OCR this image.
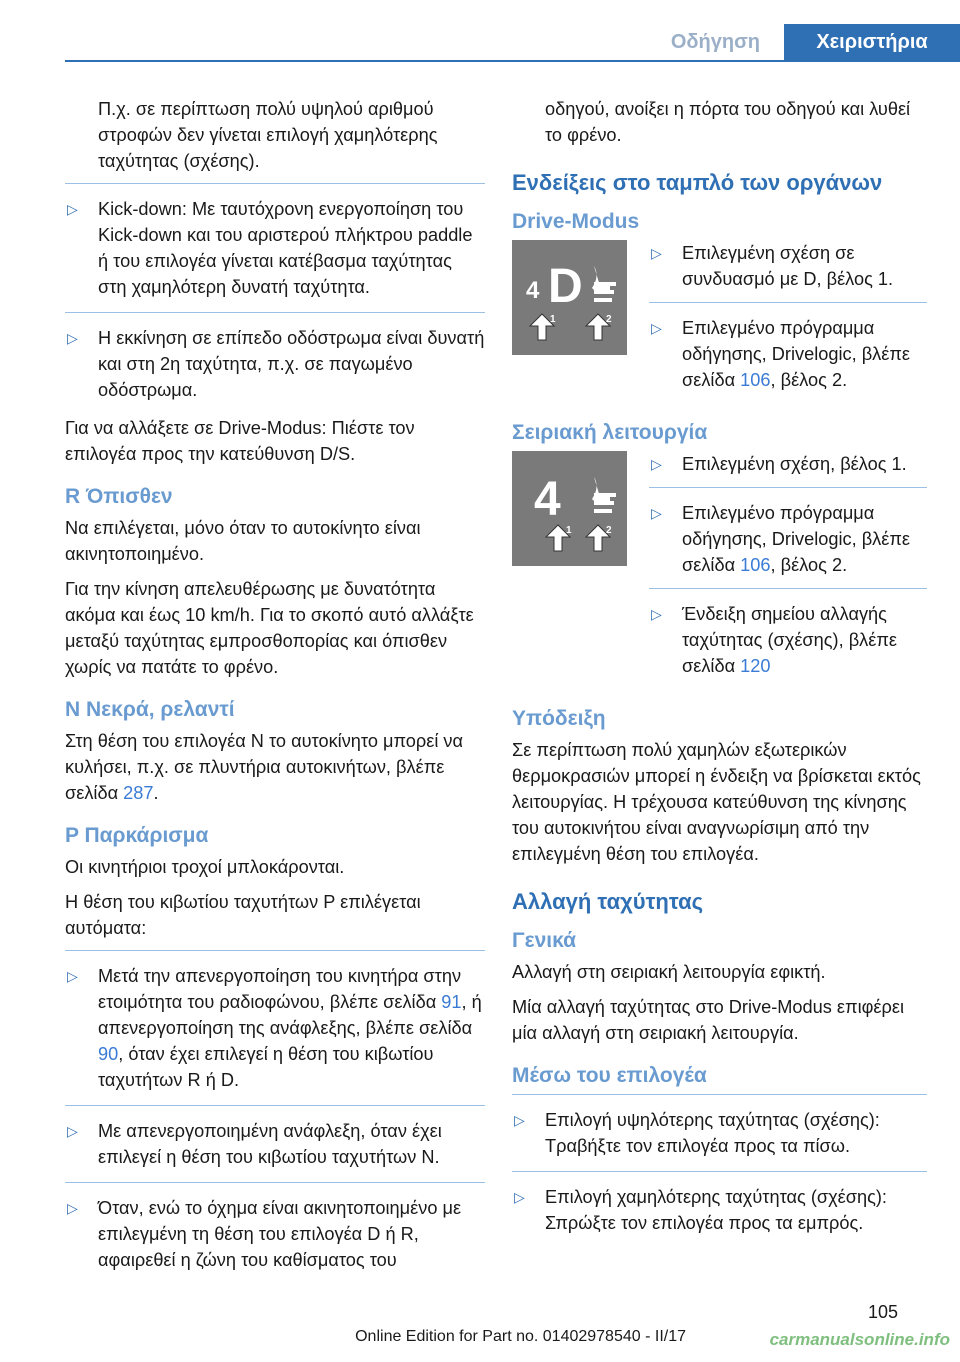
Οδήγηση	Χειριστήρια

Π.χ. σε περίπτωση πολύ υψηλού αριθμού στροφών δεν γίνεται επιλογή χαμηλότερης ταχύτητας (σχέσης).

▷
Kick-down: Με ταυτόχρονη ενεργοποίηση του Kick-down και του αριστερού πλήκτρου paddle ή του επιλογέα γίνεται κατέβασμα ταχύτητας στη χαμηλότερη δυνατή ταχύτητα.
▷
Η εκκίνηση σε επίπεδο οδόστρωμα είναι δυνατή και στη 2η ταχύτητα, π.χ. σε παγωμένο οδόστρωμα.

Για να αλλάξετε σε Drive-Modus: Πιέστε τον επιλογέα προς την κατεύθυνση D/S.

R Όπισθεν

Να επιλέγεται, μόνο όταν το αυτοκίνητο είναι ακινητοποιημένο.

Για την κίνηση απελευθέρωσης με δυνατότητα ακόμα και έως 10 km/h. Για το σκοπό αυτό αλλάξτε μεταξύ ταχύτητας εμπροσθοπορίας και όπισθεν χωρίς να πατάτε το φρένο.

N Νεκρά, ρελαντί

Στη θέση του επιλογέα N το αυτοκίνητο μπορεί να κυλήσει, π.χ. σε πλυντήρια αυτοκινήτων, βλέπε σελίδα 287.

P Παρκάρισμα

Οι κινητήριοι τροχοί μπλοκάρονται.

Η θέση του κιβωτίου ταχυτήτων P επιλέγεται αυτόματα:

▷
Μετά την απενεργοποίηση του κινητήρα στην ετοιμότητα του ραδιοφώνου, βλέπε σελίδα 91, ή απενεργοποίηση της ανάφλεξης, βλέπε σελίδα 90, όταν έχει επιλεγεί η θέση του κιβωτίου ταχυτήτων R ή D.
▷
Με απενεργοποιημένη ανάφλεξη, όταν έχει επιλεγεί η θέση του κιβωτίου ταχυτήτων N.
▷
Όταν, ενώ το όχημα είναι ακινητοποιημένο με επιλεγμένη τη θέση του επιλογέα D ή R, αφαιρεθεί η ζώνη του καθίσματος του

οδηγού, ανοίξει η πόρτα του οδηγού και λυθεί το φρένο.

Ενδείξεις στο ταμπλό των οργάνων
Drive-Modus
4 D
1	2
▷
Επιλεγμένη σχέση σε συνδυασμό με D, βέλος 1.
▷
Επιλεγμένο πρόγραμμα οδήγησης, Drivelogic, βλέπε σελίδα 106, βέλος 2.
Σειριακή λειτουργία
4
1	2
▷
Επιλεγμένη σχέση, βέλος 1.
▷
Επιλεγμένο πρόγραμμα οδήγησης, Drivelogic, βλέπε σελίδα 106, βέλος 2.
▷
Ένδειξη σημείου αλλαγής ταχύτητας (σχέσης), βλέπε σελίδα 120
Υπόδειξη

Σε περίπτωση πολύ χαμηλών εξωτερικών θερμοκρασιών μπορεί η ένδειξη να βρίσκεται εκτός λειτουργίας. Η τρέχουσα κατεύθυνση της κίνησης του αυτοκινήτου είναι αναγνωρίσιμη από την επιλεγμένη θέση του επιλογέα.

Αλλαγή ταχύτητας
Γενικά

Αλλαγή στη σειριακή λειτουργία εφικτή.

Μία αλλαγή ταχύτητας στο Drive-Modus επιφέρει μία αλλαγή στη σειριακή λειτουργία.

Μέσω του επιλογέα
▷
Επιλογή υψηλότερης ταχύτητας (σχέσης): Τραβήξτε τον επιλογέα προς τα πίσω.
▷
Επιλογή χαμηλότερης ταχύτητας (σχέσης): Σπρώξτε τον επιλογέα προς τα εμπρός.
105
Online Edition for Part no. 01402978540 - II/17	carmanualsonline.info
